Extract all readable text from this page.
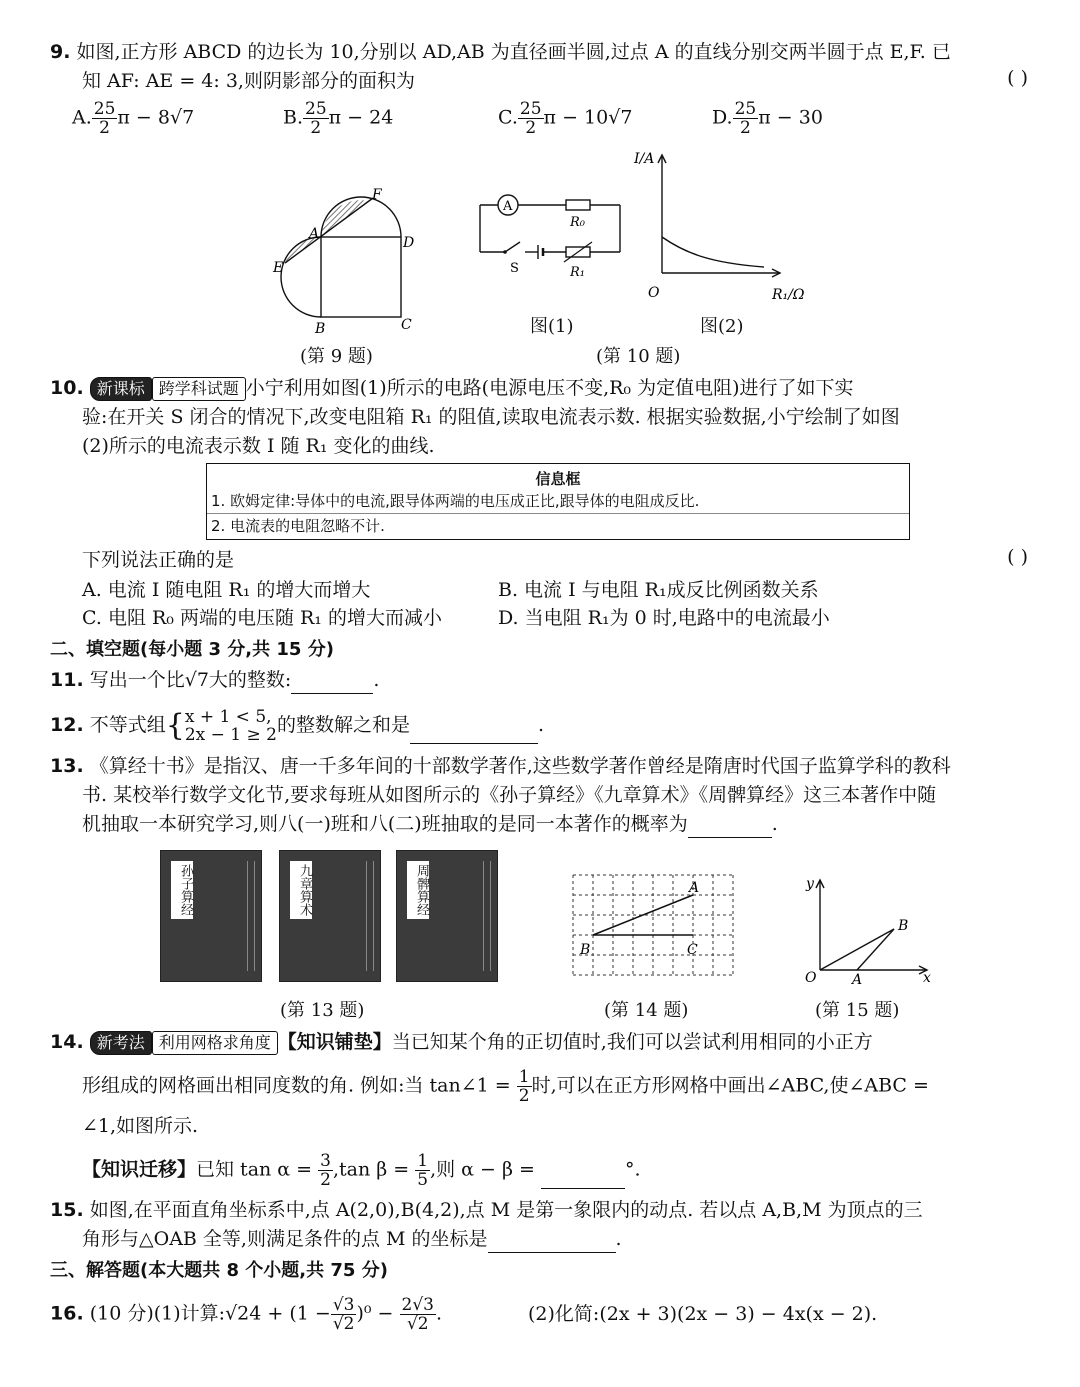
9. 如图,正方形 ABCD 的边长为 10,分别以 AD,AB 为直径画半圆,过点 A 的直线分别交两半圆于点 E,F. 已
知 AF: AE = 4: 3,则阴影部分的面积为	( )
A. $\frac{25}{2}$ π − 8√7	B. $\frac{25}{2}$ π − 24	C. $\frac{25}{2}$ π − 10√7	D. $\frac{25}{2}$ π − 30
A
B	C
D
E
F
(第 9 题)
A
R₀
S	R₁
图(1)
I/A
O	R₁/Ω
图(2)
(第 10 题)
10. 新课标 跨学科试题 小宁利用如图(1)所示的电路(电源电压不变,R₀ 为定值电阻)进行了如下实
验:在开关 S 闭合的情况下,改变电阻箱 R₁ 的阻值,读取电流表示数. 根据实验数据,小宁绘制了如图
(2)所示的电流表示数 I 随 R₁ 变化的曲线.
信息框
1. 欧姆定律:导体中的电流,跟导体两端的电压成正比,跟导体的电阻成反比.
2. 电流表的电阻忽略不计.
下列说法正确的是	( )
A. 电流 I 随电阻 R₁ 的增大而增大	B. 电流 I 与电阻 R₁成反比例函数关系
C. 电阻 R₀ 两端的电压随 R₁ 的增大而减小	D. 当电阻 R₁为 0 时,电路中的电流最小
二、填空题(每小题 3 分,共 15 分)
11. 写出一个比√7大的整数:	.
12. 不等式组{ x + 1 < 5,
2x − 1 ≥ 2 的整数解之和是	.
13. 《算经十书》是指汉、唐一千多年间的十部数学著作,这些数学著作曾经是隋唐时代国子监算学科的教科
书. 某校举行数学文化节,要求每班从如图所示的《孙子算经》《九章算术》《周髀算经》这三本著作中随
机抽取一本研究学习,则八(一)班和八(二)班抽取的是同一本著作的概率为	.
孙子算经	九章算术	周髀算经
(第 13 题)
A
B	C
(第 14 题)
y
x
O	A
B
(第 15 题)
14. 新考法 利用网格求角度 【知识铺垫】当已知某个角的正切值时,我们可以尝试利用相同的小正方
形组成的网格画出相同度数的角. 例如:当 tan∠1 = $\frac{1}{2}$ 时,可以在正方形网格中画出∠ABC,使∠ABC =
∠1,如图所示.
【知识迁移】已知 $\tan \alpha = \frac{3}{2} ,\tan$ $\beta = \frac{1}{5}$ ,则 α − β =	°.
15. 如图,在平面直角坐标系中,点 A(2,0),B(4,2),点 M 是第一象限内的动点. 若以点 A,B,M 为顶点的三
角形与△OAB 全等,则满足条件的点 M 的坐标是	.
三、解答题(本大题共 8 个小题,共 75 分)
16. (10 分)(1)计算:√24 + $(1 - \frac{√3}{√2} )^0 - \frac{2√3}{√2}$ .	(2)化简:(2x + 3)(2x − 3) − 4x(x − 2).
